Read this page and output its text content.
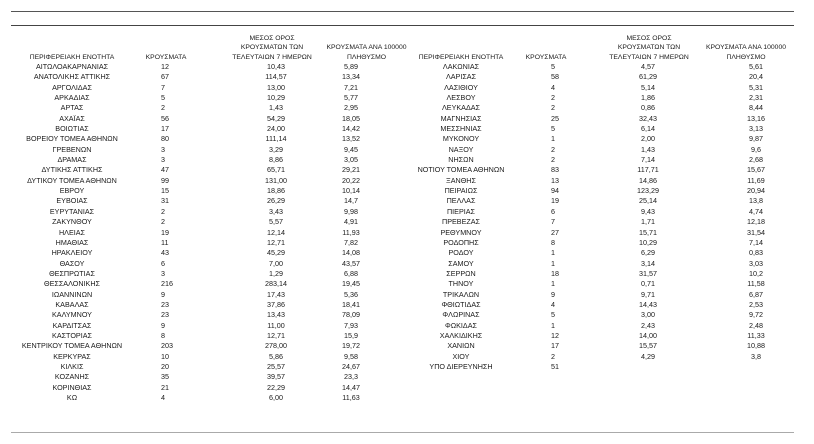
ΠΕΡΙΦΕΡΕΙΑΚΗ ΕΝΟΤΗΤΑ	ΚΡΟΥΣΜΑΤΑ
ΜΕΣΟΣ ΟΡΟΣ
ΚΡΟΥΣΜΑΤΩΝ ΤΩΝ
ΤΕΛΕΥΤΑΙΩΝ 7 ΗΜΕΡΩΝ
ΚΡΟΥΣΜΑΤΑ ΑΝΑ 100000
ΠΛΗΘΥΣΜΟ
ΑΙΤΩΛΟΑΚΑΡΝΑΝΙΑΣ	12	10,43	5,89
ΑΝΑΤΟΛΙΚΗΣ ΑΤΤΙΚΗΣ	67	114,57	13,34
ΑΡΓΟΛΙΔΑΣ	7	13,00	7,21
ΑΡΚΑΔΙΑΣ	5	10,29	5,77
ΑΡΤΑΣ	2	1,43	2,95
ΑΧΑΪΑΣ	56	54,29	18,05
ΒΟΙΩΤΙΑΣ	17	24,00	14,42
ΒΟΡΕΙΟΥ ΤΟΜΕΑ ΑΘΗΝΩΝ	80	111,14	13,52
ΓΡΕΒΕΝΩΝ	3	3,29	9,45
ΔΡΑΜΑΣ	3	8,86	3,05
ΔΥΤΙΚΗΣ ΑΤΤΙΚΗΣ	47	65,71	29,21
ΔΥΤΙΚΟΥ ΤΟΜΕΑ ΑΘΗΝΩΝ	99	131,00	20,22
ΕΒΡΟΥ	15	18,86	10,14
ΕΥΒΟΙΑΣ	31	26,29	14,7
ΕΥΡΥΤΑΝΙΑΣ	2	3,43	9,98
ΖΑΚΥΝΘΟΥ	2	5,57	4,91
ΗΛΕΙΑΣ	19	12,14	11,93
ΗΜΑΘΙΑΣ	11	12,71	7,82
ΗΡΑΚΛΕΙΟΥ	43	45,29	14,08
ΘΑΣΟΥ	6	7,00	43,57
ΘΕΣΠΡΩΤΙΑΣ	3	1,29	6,88
ΘΕΣΣΑΛΟΝΙΚΗΣ	216	283,14	19,45
ΙΩΑΝΝΙΝΩΝ	9	17,43	5,36
ΚΑΒΑΛΑΣ	23	37,86	18,41
ΚΑΛΥΜΝΟΥ	23	13,43	78,09
ΚΑΡΔΙΤΣΑΣ	9	11,00	7,93
ΚΑΣΤΟΡΙΑΣ	8	12,71	15,9
ΚΕΝΤΡΙΚΟΥ ΤΟΜΕΑ ΑΘΗΝΩΝ	203	278,00	19,72
ΚΕΡΚΥΡΑΣ	10	5,86	9,58
ΚΙΛΚΙΣ	20	25,57	24,67
ΚΟΖΑΝΗΣ	35	39,57	23,3
ΚΟΡΙΝΘΙΑΣ	21	22,29	14,47
ΚΩ	4	6,00	11,63
ΠΕΡΙΦΕΡΕΙΑΚΗ ΕΝΟΤΗΤΑ	ΚΡΟΥΣΜΑΤΑ
ΜΕΣΟΣ ΟΡΟΣ
ΚΡΟΥΣΜΑΤΩΝ ΤΩΝ
ΤΕΛΕΥΤΑΙΩΝ 7 ΗΜΕΡΩΝ
ΚΡΟΥΣΜΑΤΑ ΑΝΑ 100000
ΠΛΗΘΥΣΜΟ
ΛΑΚΩΝΙΑΣ	5	4,57	5,61
ΛΑΡΙΣΑΣ	58	61,29	20,4
ΛΑΣΙΘΙΟΥ	4	5,14	5,31
ΛΕΣΒΟΥ	2	1,86	2,31
ΛΕΥΚΑΔΑΣ	2	0,86	8,44
ΜΑΓΝΗΣΙΑΣ	25	32,43	13,16
ΜΕΣΣΗΝΙΑΣ	5	6,14	3,13
ΜΥΚΟΝΟΥ	1	2,00	9,87
ΝΑΞΟΥ	2	1,43	9,6
ΝΗΣΩΝ	2	7,14	2,68
ΝΟΤΙΟΥ ΤΟΜΕΑ ΑΘΗΝΩΝ	83	117,71	15,67
ΞΑΝΘΗΣ	13	14,86	11,69
ΠΕΙΡΑΙΩΣ	94	123,29	20,94
ΠΕΛΛΑΣ	19	25,14	13,8
ΠΙΕΡΙΑΣ	6	9,43	4,74
ΠΡΕΒΕΖΑΣ	7	1,71	12,18
ΡΕΘΥΜΝΟΥ	27	15,71	31,54
ΡΟΔΟΠΗΣ	8	10,29	7,14
ΡΟΔΟΥ	1	6,29	0,83
ΣΑΜΟΥ	1	3,14	3,03
ΣΕΡΡΩΝ	18	31,57	10,2
ΤΗΝΟΥ	1	0,71	11,58
ΤΡΙΚΑΛΩΝ	9	9,71	6,87
ΦΘΙΩΤΙΔΑΣ	4	14,43	2,53
ΦΛΩΡΙΝΑΣ	5	3,00	9,72
ΦΩΚΙΔΑΣ	1	2,43	2,48
ΧΑΛΚΙΔΙΚΗΣ	12	14,00	11,33
ΧΑΝΙΩΝ	17	15,57	10,88
ΧΙΟΥ	2	4,29	3,8
ΥΠΟ ΔΙΕΡΕΥΝΗΣΗ	51
